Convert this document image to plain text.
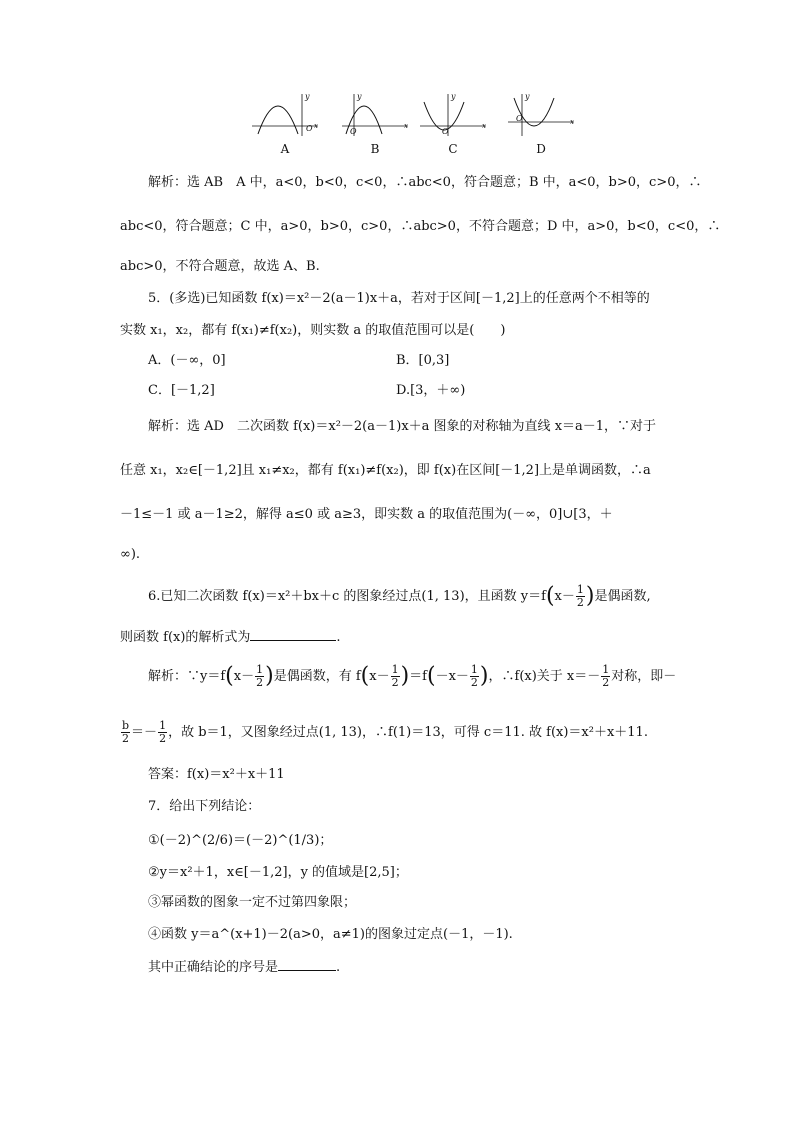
y
x
O
A
y
x
O
B
y
x
O
C
y
x
O
D
解析：选 AB　A 中，a<0，b<0，c<0，∴abc<0，符合题意；B 中，a<0，b>0，c>0，∴
abc<0，符合题意；C 中，a>0，b>0，c>0，∴abc>0，不符合题意；D 中，a>0，b<0，c<0，∴
abc>0，不符合题意，故选 A、B.
5．(多选)已知函数 f(x)＝x²－2(a－1)x＋a，若对于区间[－1,2]上的任意两个不相等的
实数 x₁，x₂，都有 f(x₁)≠f(x₂)，则实数 a 的取值范围可以是(　　)
A．(－∞，0]	B．[0,3]
C．[－1,2]	D.[3，＋∞)
解析：选 AD　二次函数 f(x)＝x²－2(a－1)x＋a 图象的对称轴为直线 x＝a－1，∵对于
任意 x₁，x₂∈[－1,2]且 x₁≠x₂，都有 f(x₁)≠f(x₂)，即 f(x)在区间[－1,2]上是单调函数，∴a
－1≤－1 或 a－1≥2，解得 a≤0 或 a≥3，即实数 a 的取值范围为(－∞，0]∪[3，＋
∞).
6.已知二次函数 f(x)＝x²＋bx＋c 的图象经过点(1, 13)，且函数 $y=f(x- \frac{1}{2}$ )是偶函数,
则函数 f(x)的解析式为	.
解析：∵y＝f(x－ $\frac{1}{2}$ )是偶函数，有 $f(x- \frac{1}{2} )=f(-x- \frac{1}{2}$ )，∴f(x)关于 $x=- \frac{1}{2}$ 对称，即－
$\frac{b}{2} =- \frac{1}{2}$ ，故 b＝1，又图象经过点(1, 13)，∴f(1)＝13，可得 c＝11. 故 f(x)＝x²＋x＋11.
答案：f(x)＝x²＋x＋11
7．给出下列结论：
①(－2)^(2/6)＝(－2)^(1/3)；
②y＝x²＋1，x∈[－1,2]，y 的值域是[2,5]；
③幂函数的图象一定不过第四象限；
④函数 y＝a^(x+1)－2(a>0，a≠1)的图象过定点(－1，－1).
其中正确结论的序号是	.
